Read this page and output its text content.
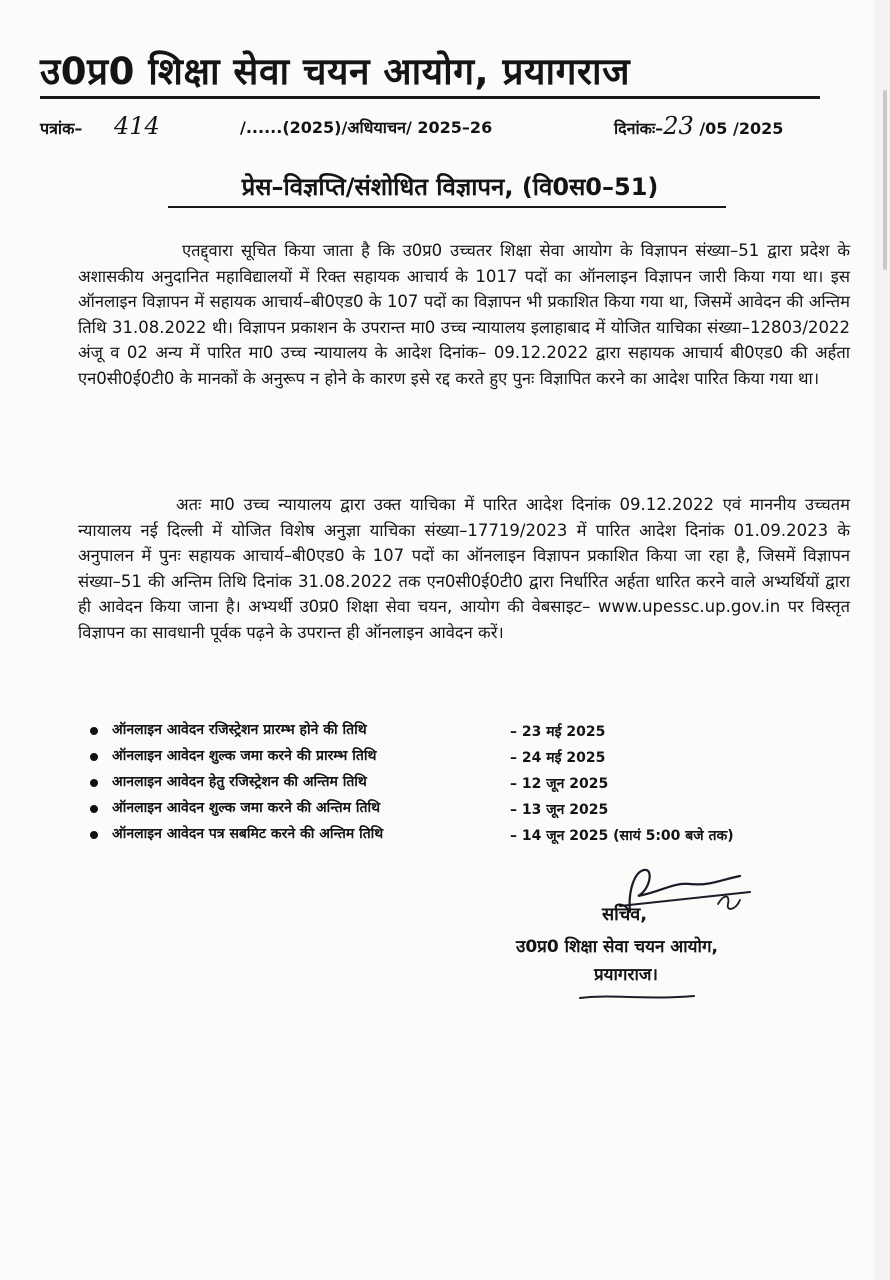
उ0प्र0 शिक्षा सेवा चयन आयोग, प्रयागराज
पत्रांक– 414	/......(2025)/अधियाचन/ 2025–26	दिनांकः–23 /05 /2025
प्रेस–विज्ञप्ति/संशोधित विज्ञापन, (वि0स0–51)

एतद्द्वारा सूचित किया जाता है कि उ0प्र0 उच्चतर शिक्षा सेवा आयोग के विज्ञापन संख्या–51 द्वारा प्रदेश के अशासकीय अनुदानित महाविद्यालयों में रिक्त सहायक आचार्य के 1017 पदों का ऑनलाइन विज्ञापन जारी किया गया था। इस ऑनलाइन विज्ञापन में सहायक आचार्य–बी0एड0 के 107 पदों का विज्ञापन भी प्रकाशित किया गया था, जिसमें आवेदन की अन्तिम तिथि 31.08.2022 थी। विज्ञापन प्रकाशन के उपरान्त मा0 उच्च न्यायालय इलाहाबाद में योजित याचिका संख्या–12803/2022 अंजू व 02 अन्य में पारित मा0 उच्च न्यायालय के आदेश दिनांक– 09.12.2022 द्वारा सहायक आचार्य बी0एड0 की अर्हता एन0सी0ई0टी0 के मानकों के अनुरूप न होने के कारण इसे रद्द करते हुए पुनः विज्ञापित करने का आदेश पारित किया गया था।

अतः मा0 उच्च न्यायालय द्वारा उक्त याचिका में पारित आदेश दिनांक 09.12.2022 एवं माननीय उच्चतम न्यायालय नई दिल्ली में योजित विशेष अनुज्ञा याचिका संख्या–17719/2023 में पारित आदेश दिनांक 01.09.2023 के अनुपालन में पुनः सहायक आचार्य–बी0एड0 के 107 पदों का ऑनलाइन विज्ञापन प्रकाशित किया जा रहा है, जिसमें विज्ञापन संख्या–51 की अन्तिम तिथि दिनांक 31.08.2022 तक एन0सी0ई0टी0 द्वारा निर्धारित अर्हता धारित करने वाले अभ्यर्थियों द्वारा ही आवेदन किया जाना है। अभ्यर्थी उ0प्र0 शिक्षा सेवा चयन, आयोग की वेबसाइट– www.upessc.up.gov.in पर विस्तृत विज्ञापन का सावधानी पूर्वक पढ़ने के उपरान्त ही ऑनलाइन आवेदन करें।

ऑनलाइन आवेदन रजिस्ट्रेशन प्रारम्भ होने की तिथि	– 23 मई 2025
ऑनलाइन आवेदन शुल्क जमा करने की प्रारम्भ तिथि	– 24 मई 2025
आनलाइन आवेदन हेतु रजिस्ट्रेशन की अन्तिम तिथि	– 12 जून 2025
ऑनलाइन आवेदन शुल्क जमा करने की अन्तिम तिथि	– 13 जून 2025
ऑनलाइन आवेदन पत्र सबमिट करने की अन्तिम तिथि	– 14 जून 2025 (सायं 5:00 बजे तक)
सचिव,
उ0प्र0 शिक्षा सेवा चयन आयोग,
प्रयागराज।
